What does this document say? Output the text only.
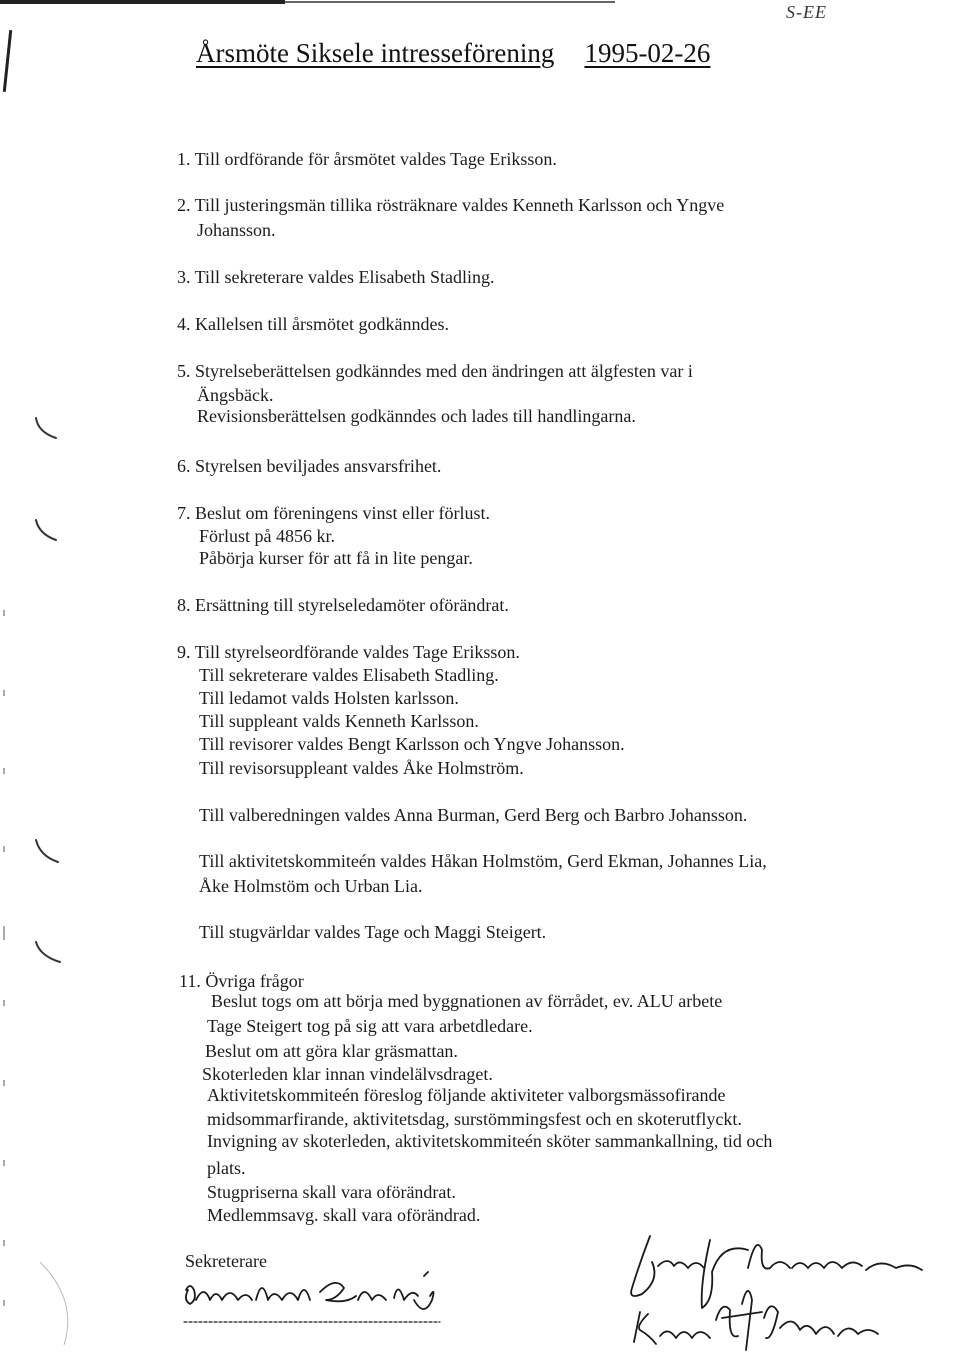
S-EE
Årsmöte Siksele intresseförening 1995-02-26
1. Till ordförande för årsmötet valdes Tage Eriksson.
2. Till justeringsmän tillika rösträknare valdes Kenneth Karlsson och Yngve
Johansson.
3. Till sekreterare valdes Elisabeth Stadling.
4. Kallelsen till årsmötet godkänndes.
5. Styrelseberättelsen godkänndes med den ändringen att älgfesten var i
Ängsbäck.
Revisionsberättelsen godkänndes och lades till handlingarna.
6. Styrelsen beviljades ansvarsfrihet.
7. Beslut om föreningens vinst eller förlust.
Förlust på 4856 kr.
Påbörja kurser för att få in lite pengar.
8. Ersättning till styrelseledamöter oförändrat.
9. Till styrelseordförande valdes Tage Eriksson.
Till sekreterare valdes Elisabeth Stadling.
Till ledamot valds Holsten karlsson.
Till suppleant valds Kenneth Karlsson.
Till revisorer valdes Bengt Karlsson och Yngve Johansson.
Till revisorsuppleant valdes Åke Holmström.
Till valberedningen valdes Anna Burman, Gerd Berg och Barbro Johansson.
Till aktivitetskommiteén valdes Håkan Holmstöm, Gerd Ekman, Johannes Lia,
Åke Holmstöm och Urban Lia.
Till stugvärldar valdes Tage och Maggi Steigert.
11. Övriga frågor
Beslut togs om att börja med byggnationen av förrådet, ev. ALU arbete
Tage Steigert tog på sig att vara arbetdledare.
Beslut om att göra klar gräsmattan.
Skoterleden klar innan vindelälvsdraget.
Aktivitetskommiteén föreslog följande aktiviteter valborgsmässofirande
midsommarfirande, aktivitetsdag, surstömmingsfest och en skoterutflyckt.
Invigning av skoterleden, aktivitetskommiteén sköter sammankallning, tid och
plats.
Stugpriserna skall vara oförändrat.
Medlemmsavg. skall vara oförändrad.
Sekreterare
